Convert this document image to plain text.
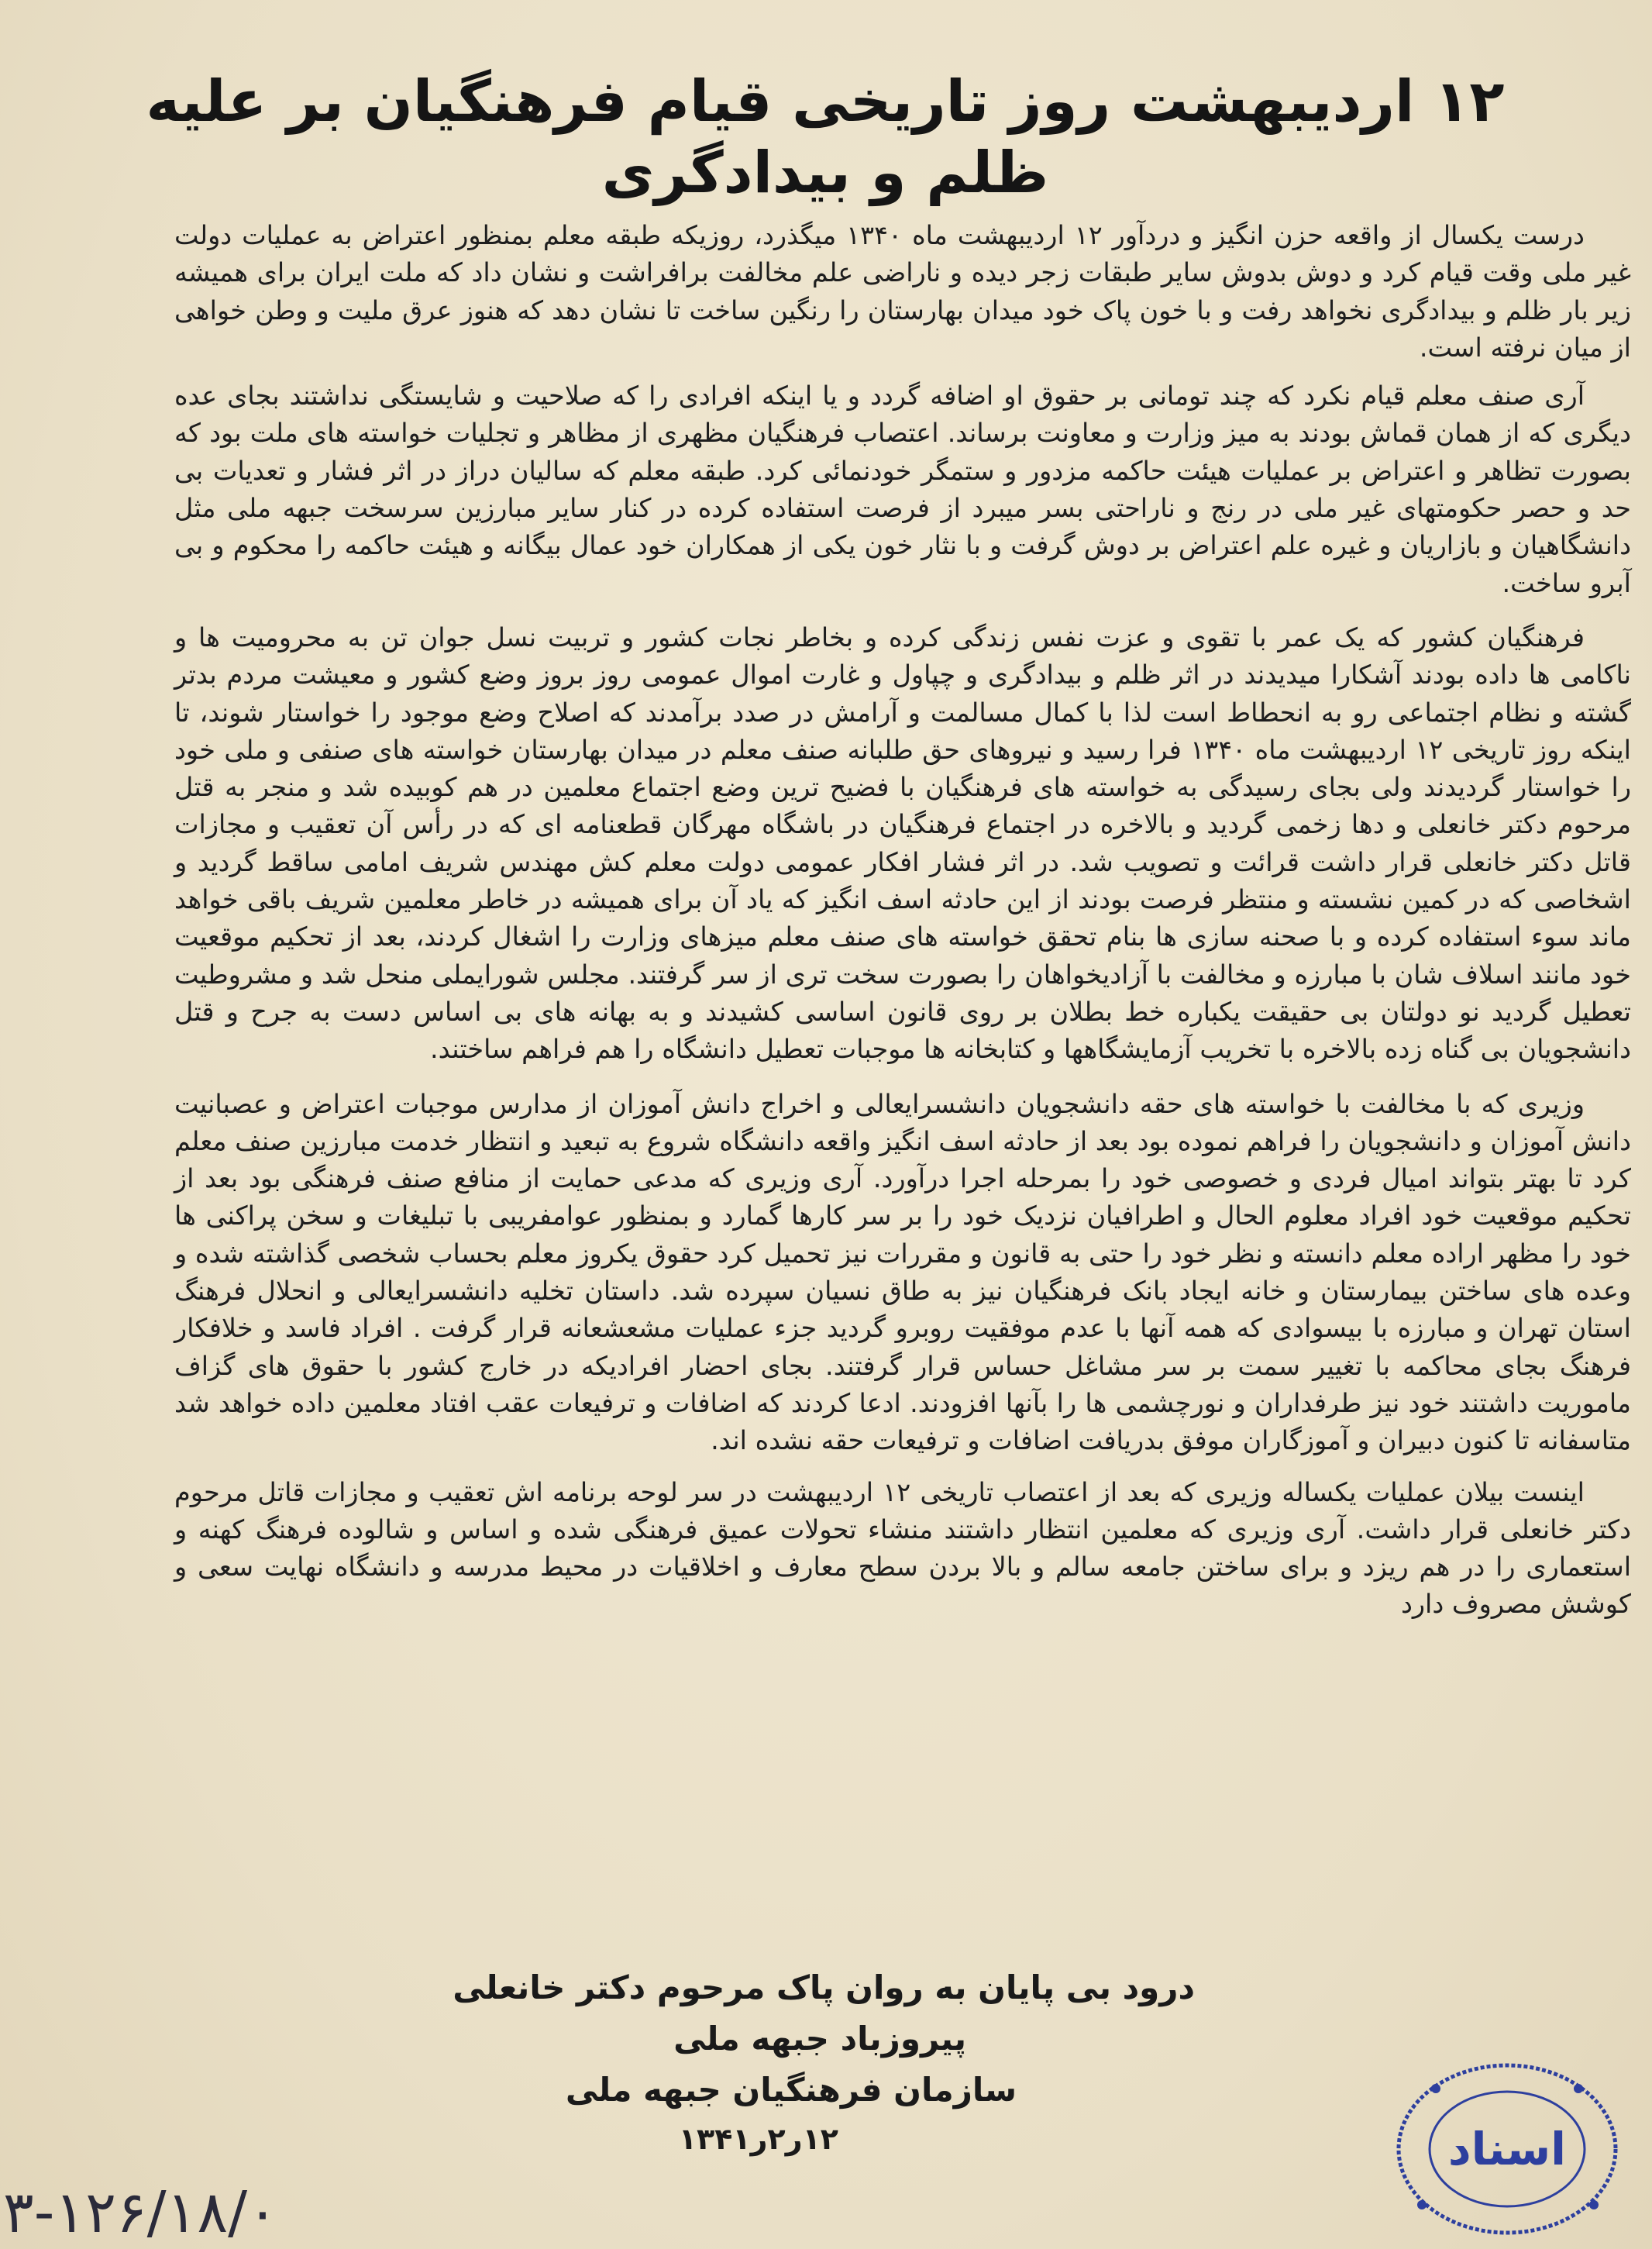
۱۲ اردیبهشت روز تاریخی قیام فرهنگیان بر علیه
ظلم و بیدادگری

درست یکسال از واقعه حزن انگیز و دردآور ۱۲ اردیبهشت ماه ۱۳۴۰ میگذرد، روزیکه طبقه معلم بمنظور اعتراض به عملیات دولت غیر ملی وقت قیام کرد و دوش بدوش سایر طبقات زجر دیده و ناراضی علم مخالفت برافراشت و نشان داد که ملت ایران برای همیشه زیر بار ظلم و بیدادگری نخواهد رفت و با خون پاک خود میدان بهارستان را رنگین ساخت تا نشان دهد که هنوز عرق ملیت و وطن خواهی از میان نرفته است.

آری صنف معلم قیام نکرد که چند تومانی بر حقوق او اضافه گردد و یا اینکه افرادی را که صلاحیت و شایستگی نداشتند بجای عده دیگری که از همان قماش بودند به میز وزارت و معاونت برساند. اعتصاب فرهنگیان مظهری از مظاهر و تجلیات خواسته های ملت بود که بصورت تظاهر و اعتراض بر عملیات هیئت حاکمه مزدور و ستمگر خودنمائی کرد. طبقه معلم که سالیان دراز در اثر فشار و تعدیات بی حد و حصر حکومتهای غیر ملی در رنج و ناراحتی بسر میبرد از فرصت استفاده کرده در کنار سایر مبارزین سرسخت جبهه ملی مثل دانشگاهیان و بازاریان و غیره علم اعتراض بر دوش گرفت و با نثار خون یکی از همکاران خود عمال بیگانه و هیئت حاکمه را محکوم و بی آبرو ساخت.

فرهنگیان کشور که یک عمر با تقوی و عزت نفس زندگی کرده و بخاطر نجات کشور و تربیت نسل جوان تن به محرومیت ها و ناکامی ها داده بودند آشکارا میدیدند در اثر ظلم و بیدادگری و چپاول و غارت اموال عمومی روز بروز وضع کشور و معیشت مردم بدتر گشته و نظام اجتماعی رو به انحطاط است لذا با کمال مسالمت و آرامش در صدد برآمدند که اصلاح وضع موجود را خواستار شوند، تا اینکه روز تاریخی ۱۲ اردیبهشت ماه ۱۳۴۰ فرا رسید و نیروهای حق طلبانه صنف معلم در میدان بهارستان خواسته های صنفی و ملی خود را خواستار گردیدند ولی بجای رسیدگی به خواسته های فرهنگیان با فضیح ترین وضع اجتماع معلمین در هم کوبیده شد و منجر به قتل مرحوم دکتر خانعلی و دها زخمی گردید و بالاخره در اجتماع فرهنگیان در باشگاه مهرگان قطعنامه ای که در رأس آن تعقیب و مجازات قاتل دکتر خانعلی قرار داشت قرائت و تصویب شد. در اثر فشار افکار عمومی دولت معلم کش مهندس شریف امامی ساقط گردید و اشخاصی که در کمین نشسته و منتظر فرصت بودند از این حادثه اسف انگیز که یاد آن برای همیشه در خاطر معلمین شریف باقی خواهد ماند سوء استفاده کرده و با صحنه سازی ها بنام تحقق خواسته های صنف معلم میزهای وزارت را اشغال کردند، بعد از تحکیم موقعیت خود مانند اسلاف شان با مبارزه و مخالفت با آزادیخواهان را بصورت سخت تری از سر گرفتند. مجلس شورایملی منحل شد و مشروطیت تعطیل گردید نو دولتان بی حقیقت یکباره خط بطلان بر روی قانون اساسی کشیدند و به بهانه های بی اساس دست به جرح و قتل دانشجویان بی گناه زده بالاخره با تخریب آزمایشگاهها و کتابخانه ها موجبات تعطیل دانشگاه را هم فراهم ساختند.

وزیری که با مخالفت با خواسته های حقه دانشجویان دانشسرایعالی و اخراج دانش آموزان از مدارس موجبات اعتراض و عصبانیت دانش آموزان و دانشجویان را فراهم نموده بود بعد از حادثه اسف انگیز واقعه دانشگاه شروع به تبعید و انتظار خدمت مبارزین صنف معلم کرد تا بهتر بتواند امیال فردی و خصوصی خود را بمرحله اجرا درآورد. آری وزیری که مدعی حمایت از منافع صنف فرهنگی بود بعد از تحکیم موقعیت خود افراد معلوم الحال و اطرافیان نزدیک خود را بر سر کارها گمارد و بمنظور عوامفریبی با تبلیغات و سخن پراکنی ها خود را مظهر اراده معلم دانسته و نظر خود را حتی به قانون و مقررات نیز تحمیل کرد حقوق یکروز معلم بحساب شخصی گذاشته شده و وعده های ساختن بیمارستان و خانه ایجاد بانک فرهنگیان نیز به طاق نسیان سپرده شد. داستان تخلیه دانشسرایعالی و انحلال فرهنگ استان تهران و مبارزه با بیسوادی که همه آنها با عدم موفقیت روبرو گردید جزء عملیات مشعشعانه قرار گرفت . افراد فاسد و خلافکار فرهنگ بجای محاکمه با تغییر سمت بر سر مشاغل حساس قرار گرفتند. بجای احضار افرادیکه در خارج کشور با حقوق های گزاف ماموریت داشتند خود نیز طرفداران و نورچشمی ها را بآنها افزودند. ادعا کردند که اضافات و ترفیعات عقب افتاد معلمین داده خواهد شد متاسفانه تا کنون دبیران و آموزگاران موفق بدریافت اضافات و ترفیعات حقه نشده اند.

اینست بیلان عملیات یکساله وزیری که بعد از اعتصاب تاریخی ۱۲ اردیبهشت در سر لوحه برنامه اش تعقیب و مجازات قاتل مرحوم دکتر خانعلی قرار داشت. آری وزیری که معلمین انتظار داشتند منشاء تحولات عمیق فرهنگی شده و اساس و شالوده فرهنگ کهنه و استعماری را در هم ریزد و برای ساختن جامعه سالم و بالا بردن سطح معارف و اخلاقیات در محیط مدرسه و دانشگاه نهایت سعی و کوشش مصروف دارد

درود بی پایان به روان پاک مرحوم دکتر خانعلی
پیروزباد جبهه ملی
سازمان فرهنگیان جبهه ملی
۱۲ر۲ر۱۳۴۱	اسناد
۳-۱۲۶/۱۸/۰
